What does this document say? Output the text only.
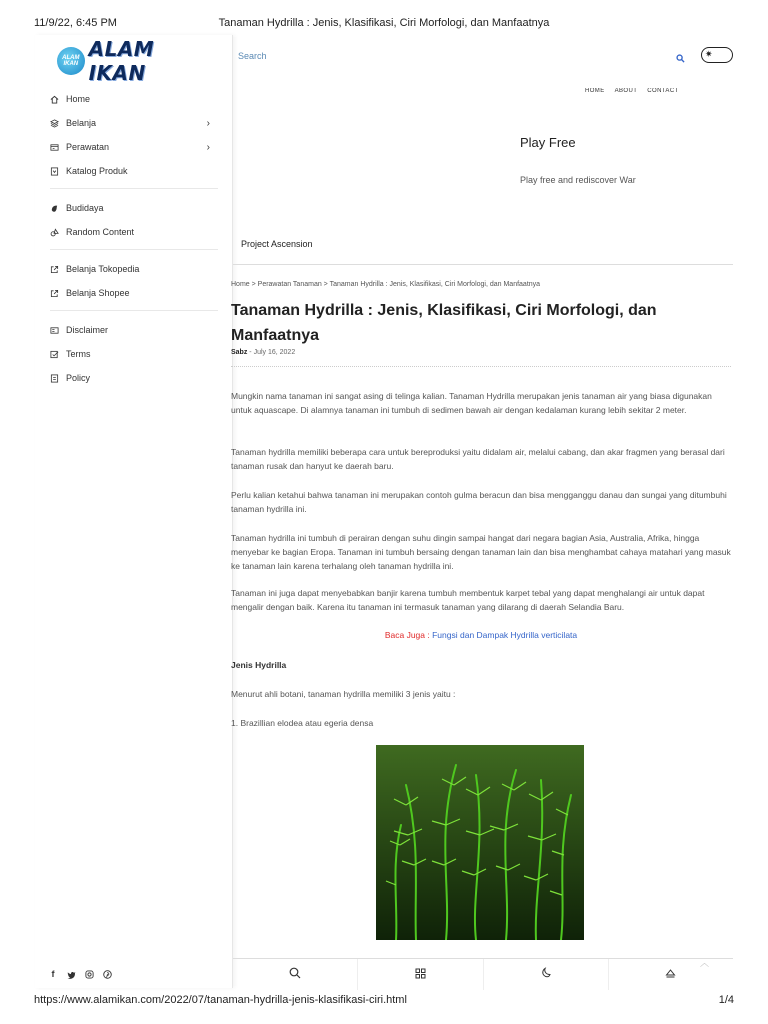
11/9/22, 6:45 PM	Tanaman Hydrilla : Jenis, Klasifikasi, Ciri Morfologi, dan Manfaatnya
ALAM
IKAN
ALAM IKAN
Home
Belanja	›
Perawatan	›
Katalog Produk
Budidaya
Random Content
Belanja Tokopedia
Belanja Shopee
Disclaimer
Terms
Policy
f
Search	✷
HOME ABOUT CONTACT
Play Free
Play free and rediscover War
Project Ascension
Home > Perawatan Tanaman > Tanaman Hydrilla : Jenis, Klasifikasi, Ciri Morfologi, dan Manfaatnya
Tanaman Hydrilla : Jenis, Klasifikasi, Ciri Morfologi, dan Manfaatnya
Sabz - July 16, 2022

Mungkin nama tanaman ini sangat asing di telinga kalian. Tanaman Hydrilla merupakan jenis tanaman air yang biasa digunakan untuk aquascape. Di alamnya tanaman ini tumbuh di sedimen bawah air dengan kedalaman kurang lebih sekitar 2 meter.

Tanaman hydrilla memiliki beberapa cara untuk bereproduksi yaitu didalam air, melalui cabang, dan akar fragmen yang berasal dari tanaman rusak dan hanyut ke daerah baru.

Perlu kalian ketahui bahwa tanaman ini merupakan contoh gulma beracun dan bisa mengganggu danau dan sungai yang ditumbuhi tanaman hydrilla ini.

Tanaman hydrilla ini tumbuh di perairan dengan suhu dingin sampai hangat dari negara bagian Asia, Australia, Afrika, hingga menyebar ke bagian Eropa. Tanaman ini tumbuh bersaing dengan tanaman lain dan bisa menghambat cahaya matahari yang masuk ke tanaman lain karena terhalang oleh tanaman hydrilla ini.

Tanaman ini juga dapat menyebabkan banjir karena tumbuh membentuk karpet tebal yang dapat menghalangi air untuk dapat mengalir dengan baik. Karena itu tanaman ini termasuk tanaman yang dilarang di daerah Selandia Baru.

Baca Juga : Fungsi dan Dampak Hydrilla verticilata
Jenis Hydrilla

Menurut ahli botani, tanaman hydrilla memiliki 3 jenis yaitu :

1. Brazillian elodea atau egeria densa

︿
https://www.alamikan.com/2022/07/tanaman-hydrilla-jenis-klasifikasi-ciri.html	1/4
